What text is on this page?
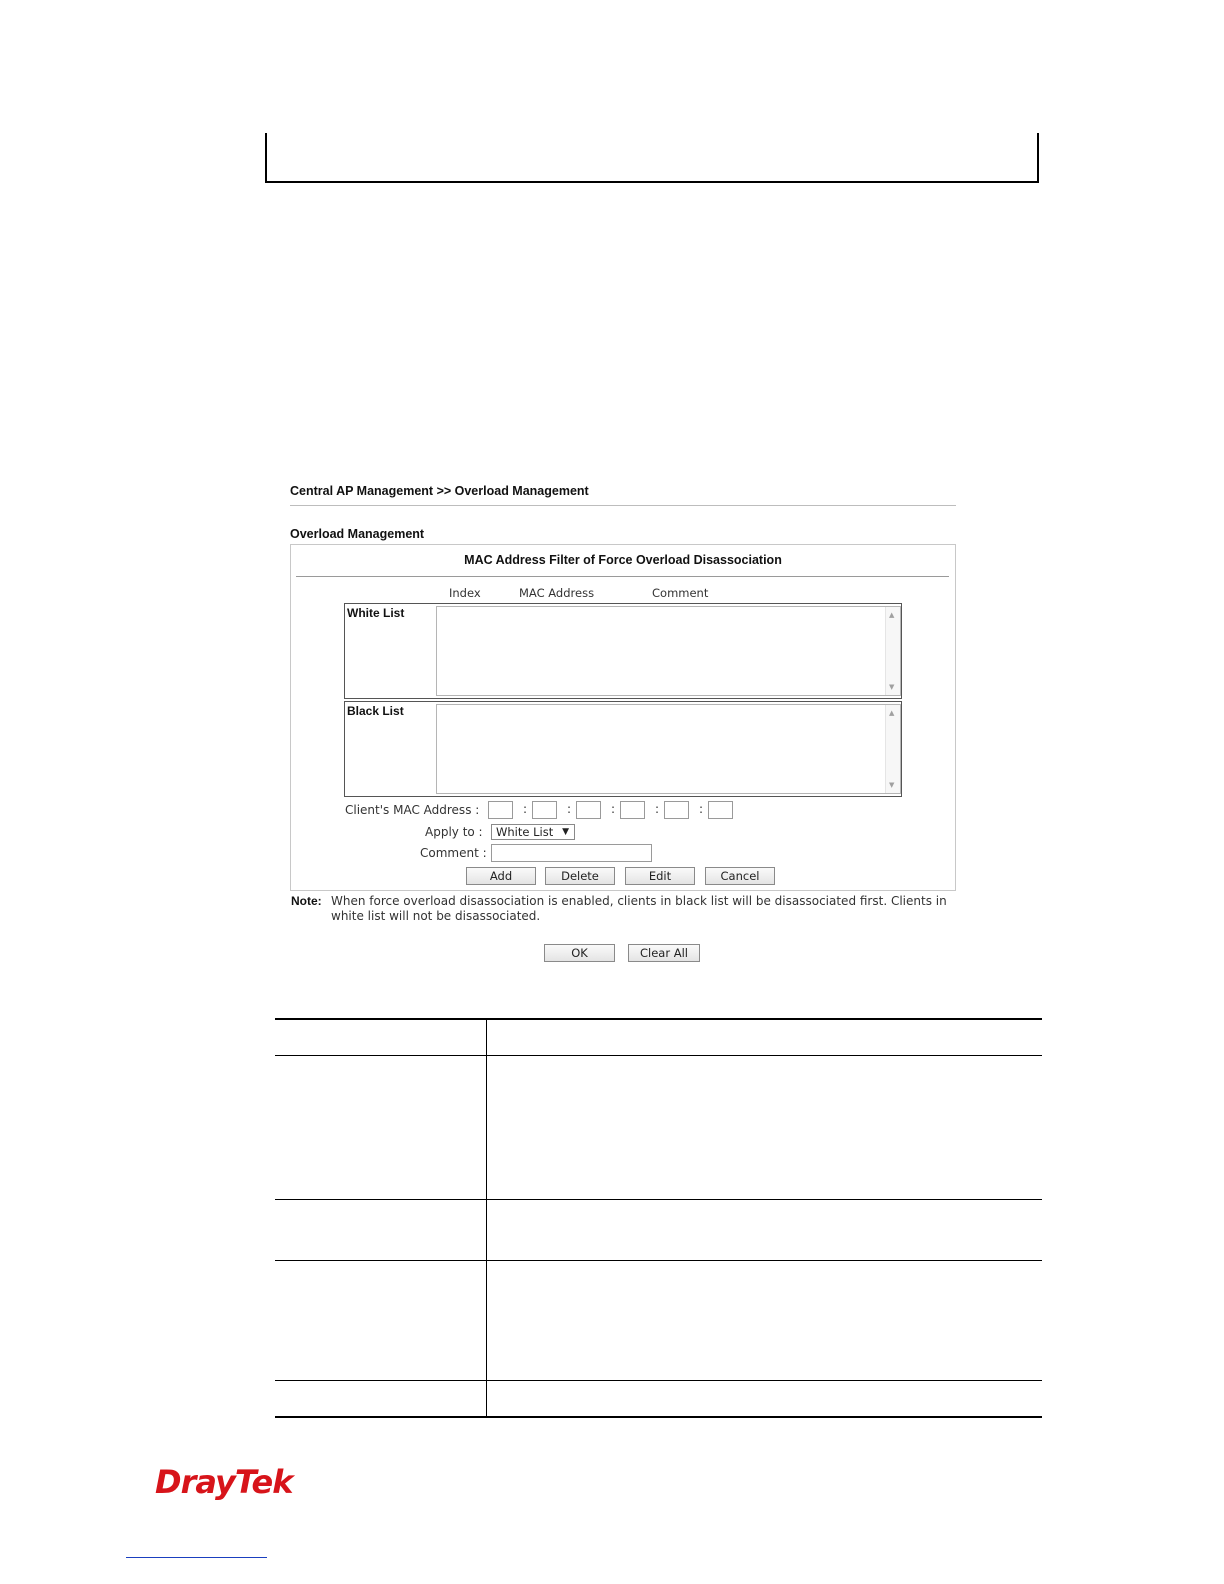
Central AP Management >> Overload Management
Overload Management
MAC Address Filter of Force Overload Disassociation
Index	MAC Address	Comment
White List	▲
▼
Black List	▲
▼
Client's MAC Address :	:	:	:	:	:
Apply to :	White List ▼
Comment :
Add	Delete	Edit	Cancel
Note: When force overload disassociation is enabled, clients in black list will be disassociated first. Clients in white list will not be disassociated.
OK	Clear All
DrayTek
